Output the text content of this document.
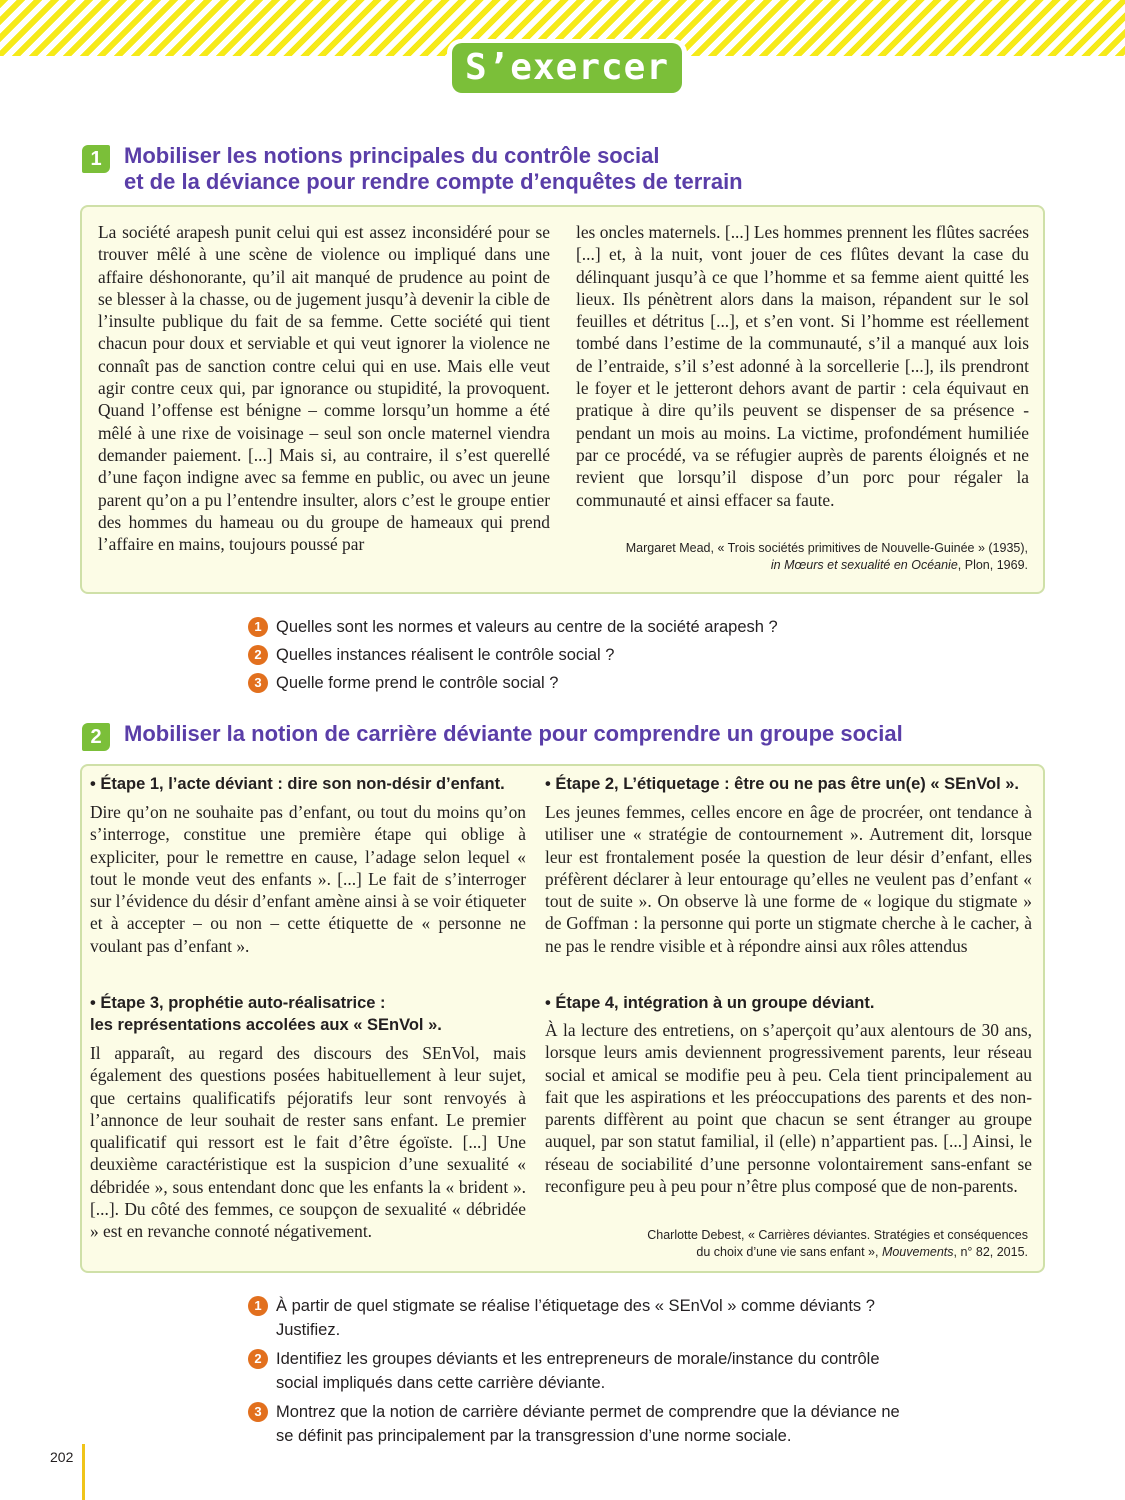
S’exercer
1	Mobiliser les notions principales du contrôle social
et de la déviance pour rendre compte d’enquêtes de terrain

La société arapesh punit celui qui est assez inconsidéré pour se trouver mêlé à une scène de violence ou impliqué dans une affaire déshonorante, qu’il ait manqué de prudence au point de se blesser à la chasse, ou de jugement jusqu’à devenir la cible de l’insulte publique du fait de sa femme. Cette société qui tient chacun pour doux et serviable et qui veut ignorer la violence ne connaît pas de sanction contre celui qui en use. Mais elle veut agir contre ceux qui, par ignorance ou stupidité, la provoquent. Quand l’offense est bénigne – comme lorsqu’un homme a été mêlé à une rixe de voisinage – seul son oncle maternel viendra demander paiement. [...] Mais si, au contraire, il s’est querellé d’une façon indigne avec sa femme en public, ou avec un jeune parent qu’on a pu l’entendre insulter, alors c’est le groupe entier des hommes du hameau ou du groupe de hameaux qui prend l’affaire en mains, toujours poussé par

les oncles maternels. [...] Les hommes prennent les flûtes sacrées [...] et, à la nuit, vont jouer de ces flûtes devant la case du délinquant jusqu’à ce que l’homme et sa femme aient quitté les lieux. Ils pénètrent alors dans la maison, répandent sur le sol feuilles et détritus [...], et s’en vont. Si l’homme est réellement tombé dans l’estime de la communauté, s’il a manqué aux lois de l’entraide, s’il s’est adonné à la sorcellerie [...], ils prendront le foyer et le jetteront dehors avant de partir : cela équivaut en pratique à dire qu’ils peuvent se dispenser de sa présence - pendant un mois au moins. La victime, profondément humiliée par ce procédé, va se réfugier auprès de parents éloignés et ne revient que lorsqu’il dispose d’un porc pour régaler la communauté et ainsi effacer sa faute.

Margaret Mead, « Trois sociétés primitives de Nouvelle-Guinée » (1935),
in Mœurs et sexualité en Océanie, Plon, 1969.
1 Quelles sont les normes et valeurs au centre de la société arapesh ?
2 Quelles instances réalisent le contrôle social ?
3 Quelle forme prend le contrôle social ?
2	Mobiliser la notion de carrière déviante pour comprendre un groupe social

• Étape 1, l’acte déviant : dire son non-désir d’enfant.

Dire qu’on ne souhaite pas d’enfant, ou tout du moins qu’on s’interroge, constitue une première étape qui oblige à expliciter, pour le remettre en cause, l’adage selon lequel « tout le monde veut des enfants ». [...] Le fait de s’interroger sur l’évidence du désir d’enfant amène ainsi à se voir étiqueter et à accepter – ou non – cette étiquette de « personne ne voulant pas d’enfant ».

• Étape 2, L’étiquetage : être ou ne pas être un(e) « SEnVol ».

Les jeunes femmes, celles encore en âge de procréer, ont tendance à utiliser une « stratégie de contournement ». Autrement dit, lorsque leur est frontalement posée la question de leur désir d’enfant, elles préfèrent déclarer à leur entourage qu’elles ne veulent pas d’enfant « tout de suite ». On observe là une forme de « logique du stigmate » de Goffman : la personne qui porte un stigmate cherche à le cacher, à ne pas le rendre visible et à répondre ainsi aux rôles attendus

• Étape 3, prophétie auto-réalisatrice :
les représentations accolées aux « SEnVol ».

Il apparaît, au regard des discours des SEnVol, mais également des questions posées habituellement à leur sujet, que certains qualificatifs péjoratifs leur sont renvoyés à l’annonce de leur souhait de rester sans enfant. Le premier qualificatif qui ressort est le fait d’être égoïste. [...] Une deuxième caractéristique est la suspicion d’une sexualité « débridée », sous entendant donc que les enfants la « brident ». [...]. Du côté des femmes, ce soupçon de sexualité « débridée » est en revanche connoté négativement.

• Étape 4, intégration à un groupe déviant.

À la lecture des entretiens, on s’aperçoit qu’aux alentours de 30 ans, lorsque leurs amis deviennent progressivement parents, leur réseau social et amical se modifie peu à peu. Cela tient principalement au fait que les aspirations et les préoccupations des parents et des non-parents diffèrent au point que chacun se sent étranger au groupe auquel, par son statut familial, il (elle) n’appartient pas. [...] Ainsi, le réseau de sociabilité d’une personne volontairement sans-enfant se reconfigure peu à peu pour n’être plus composé que de non-parents.

Charlotte Debest, « Carrières déviantes. Stratégies et conséquences
du choix d’une vie sans enfant », Mouvements, n° 82, 2015.
1 À partir de quel stigmate se réalise l’étiquetage des « SEnVol » comme déviants ? Justifiez.
2 Identifiez les groupes déviants et les entrepreneurs de morale/instance du contrôle social impliqués dans cette carrière déviante.
3 Montrez que la notion de carrière déviante permet de comprendre que la déviance ne se définit pas principalement par la transgression d’une norme sociale.
202
